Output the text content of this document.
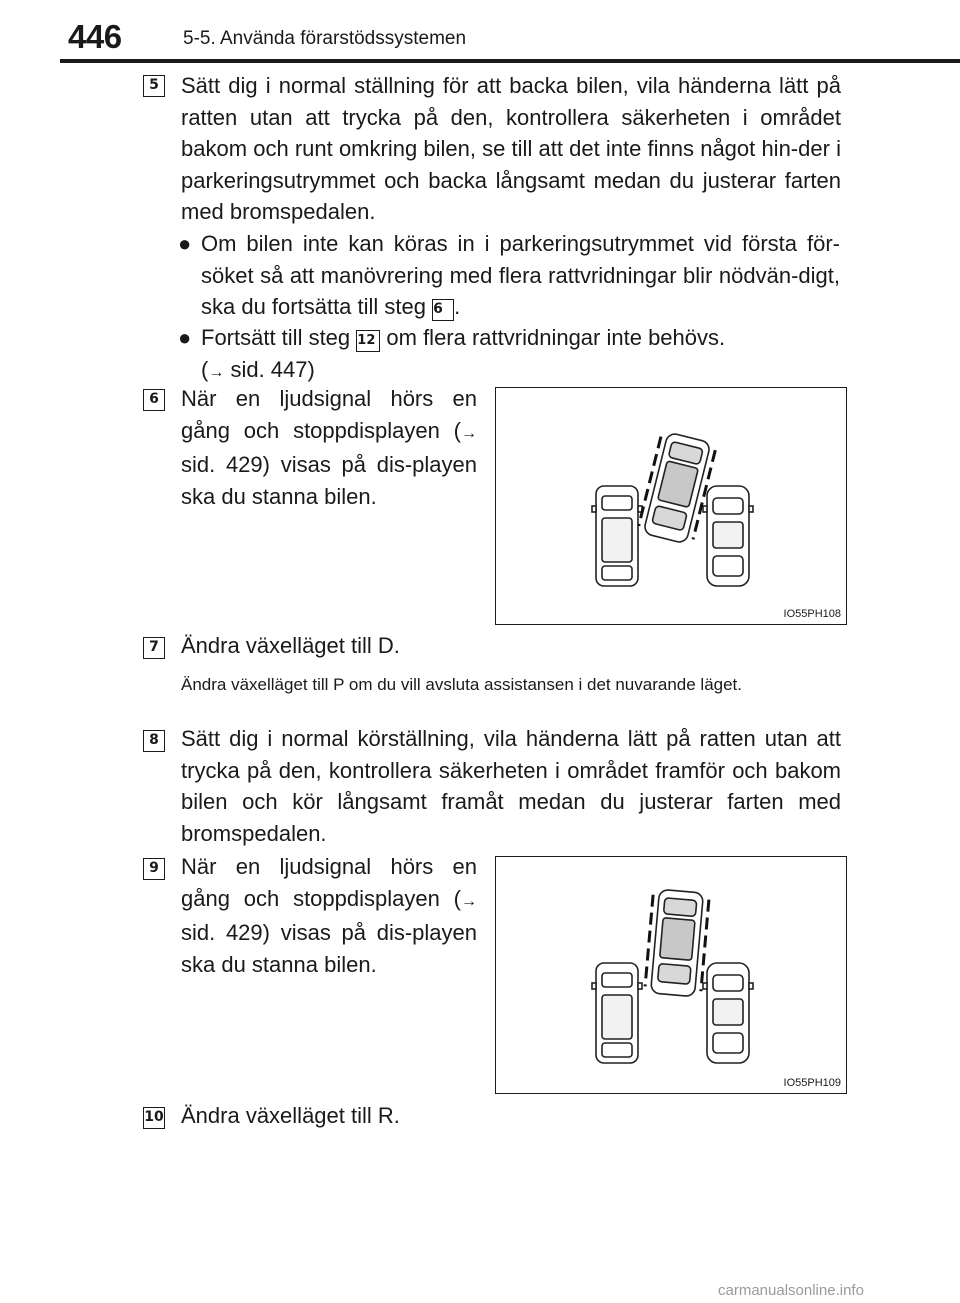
446	5-5. Använda förarstödssystemen
5 Sätt dig i normal ställning för att backa bilen, vila händerna lätt på ratten utan att trycka på den, kontrollera säkerheten i området bakom och runt omkring bilen, se till att det inte finns något hin-der i parkeringsutrymmet och backa långsamt medan du justerar farten med bromspedalen.
● Om bilen inte kan köras in i parkeringsutrymmet vid första för-söket så att manövrering med flera rattvridningar blir nödvän-digt, ska du fortsätta till steg 6 .
● Fortsätt till steg 12 om flera rattvridningar inte behövs.
(→ sid. 447)
6 När en ljudsignal hörs en gång och stoppdisplayen (→ sid. 429) visas på dis-playen ska du stanna bilen.
IO55PH108
7 Ändra växelläget till D.
Ändra växelläget till P om du vill avsluta assistansen i det nuvarande läget.
8 Sätt dig i normal körställning, vila händerna lätt på ratten utan att trycka på den, kontrollera säkerheten i området framför och bakom bilen och kör långsamt framåt medan du justerar farten med bromspedalen.
9 När en ljudsignal hörs en gång och stoppdisplayen (→ sid. 429) visas på dis-playen ska du stanna bilen.
IO55PH109
10 Ändra växelläget till R.
carmanualsonline.info
